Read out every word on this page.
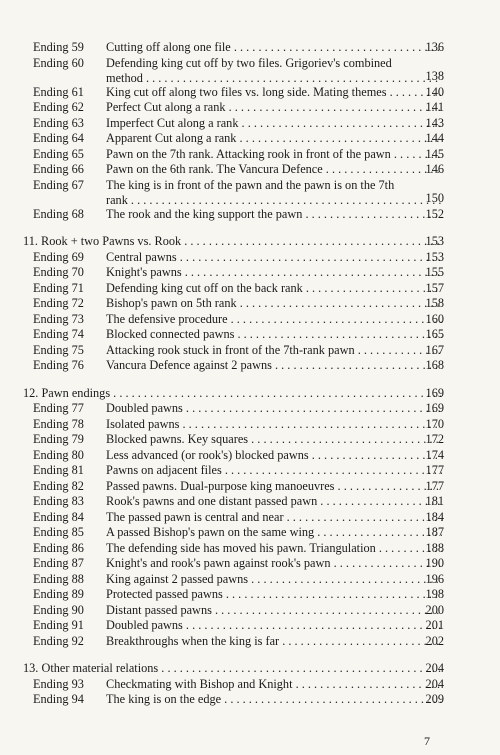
Ending 59 Cutting off along one file . . .	136
Ending 60 Defending king cut off by two files. Grigoriev's combined
method . . .	138
Ending 61 King cut off along two files vs. long side. Mating themes . . .	140
Ending 62 Perfect Cut along a rank . . .	141
Ending 63 Imperfect Cut along a rank . . .	143
Ending 64 Apparent Cut along a rank . . .	144
Ending 65 Pawn on the 7th rank. Attacking rook in front of the pawn . . .	145
Ending 66 Pawn on the 6th rank. The Vancura Defence . . .	146
Ending 67 The king is in front of the pawn and the pawn is on the 7th
rank . . .	150
Ending 68 The rook and the king support the pawn . . .	152
11. Rook + two Pawns vs. Rook . . .	153
Ending 69 Central pawns . . .	153
Ending 70 Knight's pawns . . .	155
Ending 71 Defending king cut off on the back rank . . .	157
Ending 72 Bishop's pawn on 5th rank . . .	158
Ending 73 The defensive procedure . . .	160
Ending 74 Blocked connected pawns . . .	165
Ending 75 Attacking rook stuck in front of the 7th-rank pawn . . .	167
Ending 76 Vancura Defence against 2 pawns . . .	168
12. Pawn endings . . .	169
Ending 77 Doubled pawns . . .	169
Ending 78 Isolated pawns . . .	170
Ending 79 Blocked pawns. Key squares . . .	172
Ending 80 Less advanced (or rook's) blocked pawns . . .	174
Ending 81 Pawns on adjacent files . . .	177
Ending 82 Passed pawns. Dual-purpose king manoeuvres . . .	177
Ending 83 Rook's pawns and one distant passed pawn . . .	181
Ending 84 The passed pawn is central and near . . .	184
Ending 85 A passed Bishop's pawn on the same wing . . .	187
Ending 86 The defending side has moved his pawn. Triangulation . . .	188
Ending 87 Knight's and rook's pawn against rook's pawn . . .	190
Ending 88 King against 2 passed pawns . . .	196
Ending 89 Protected passed pawns . . .	198
Ending 90 Distant passed pawns . . .	200
Ending 91 Doubled pawns . . .	201
Ending 92 Breakthroughs when the king is far . . .	202
13. Other material relations . . .	204
Ending 93 Checkmating with Bishop and Knight . . .	204
Ending 94 The king is on the edge . . .	209
7
